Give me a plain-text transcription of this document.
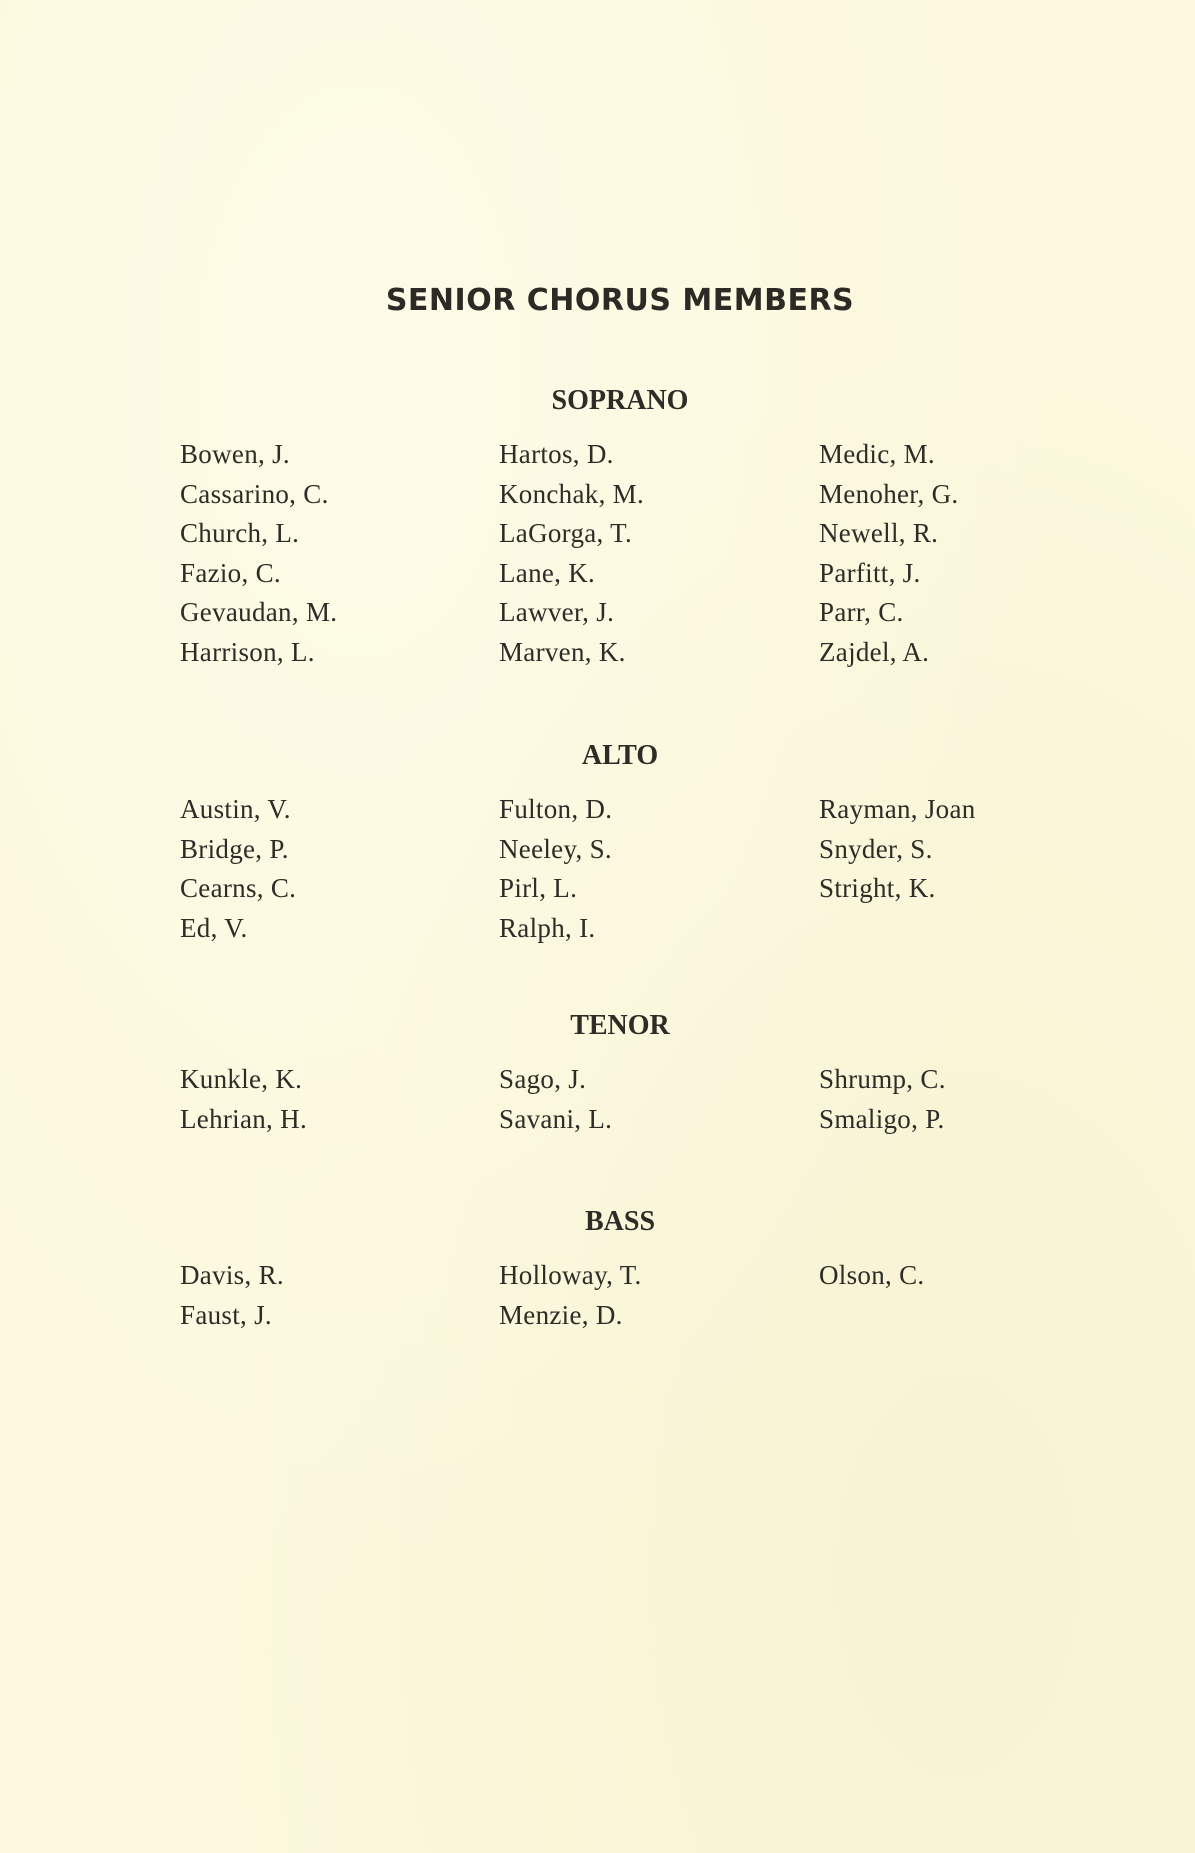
SENIOR CHORUS MEMBERS
SOPRANO
Bowen, J.
Cassarino, C.
Church, L.
Fazio, C.
Gevaudan, M.
Harrison, L.
Hartos, D.
Konchak, M.
LaGorga, T.
Lane, K.
Lawver, J.
Marven, K.
Medic, M.
Menoher, G.
Newell, R.
Parfitt, J.
Parr, C.
Zajdel, A.
ALTO
Austin, V.
Bridge, P.
Cearns, C.
Ed, V.
Fulton, D.
Neeley, S.
Pirl, L.
Ralph, I.
Rayman, Joan
Snyder, S.
Stright, K.
TENOR
Kunkle, K.
Lehrian, H.
Sago, J.
Savani, L.
Shrump, C.
Smaligo, P.
BASS
Davis, R.
Faust, J.
Holloway, T.
Menzie, D.
Olson, C.
